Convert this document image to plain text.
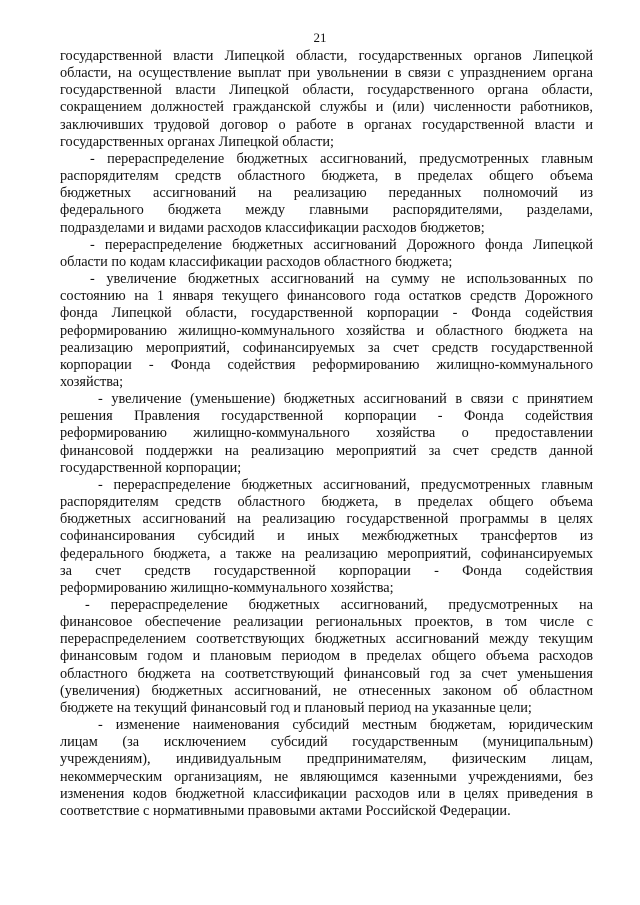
21
государственной власти Липецкой области, государственных органов Липецкой
области, на осуществление выплат при увольнении в связи с упразднением органа
государственной власти Липецкой области, государственного органа области,
сокращением должностей гражданской службы и (или) численности работников,
заключивших трудовой договор о работе в органах государственной власти и
государственных органах Липецкой области;
- перераспределение бюджетных ассигнований, предусмотренных главным
распорядителям средств областного бюджета, в пределах общего объема
бюджетных ассигнований на реализацию переданных полномочий из
федерального бюджета между главными распорядителями, разделами,
подразделами и видами расходов классификации расходов бюджетов;
- перераспределение бюджетных ассигнований Дорожного фонда Липецкой
области по кодам классификации расходов областного бюджета;
- увеличение бюджетных ассигнований на сумму не использованных по
состоянию на 1 января текущего финансового года остатков средств Дорожного
фонда Липецкой области, государственной корпорации - Фонда содействия
реформированию жилищно-коммунального хозяйства и областного бюджета на
реализацию мероприятий, софинансируемых за счет средств государственной
корпорации - Фонда содействия реформированию жилищно-коммунального
хозяйства;
- увеличение (уменьшение) бюджетных ассигнований в связи с принятием
решения Правления государственной корпорации - Фонда содействия
реформированию жилищно-коммунального хозяйства о предоставлении
финансовой поддержки на реализацию мероприятий за счет средств данной
государственной корпорации;
- перераспределение бюджетных ассигнований, предусмотренных главным
распорядителям средств областного бюджета, в пределах общего объема
бюджетных ассигнований на реализацию государственной программы в целях
софинансирования субсидий и иных межбюджетных трансфертов из
федерального бюджета, а также на реализацию мероприятий, софинансируемых
за счет средств государственной корпорации - Фонда содействия
реформированию жилищно-коммунального хозяйства;
- перераспределение бюджетных ассигнований, предусмотренных на
финансовое обеспечение реализации региональных проектов, в том числе с
перераспределением соответствующих бюджетных ассигнований между текущим
финансовым годом и плановым периодом в пределах общего объема расходов
областного бюджета на соответствующий финансовый год за счет уменьшения
(увеличения) бюджетных ассигнований, не отнесенных законом об областном
бюджете на текущий финансовый год и плановый период на указанные цели;
- изменение наименования субсидий местным бюджетам, юридическим
лицам (за исключением субсидий государственным (муниципальным)
учреждениям), индивидуальным предпринимателям, физическим лицам,
некоммерческим организациям, не являющимся казенными учреждениями, без
изменения кодов бюджетной классификации расходов или в целях приведения в
соответствие с нормативными правовыми актами Российской Федерации.
